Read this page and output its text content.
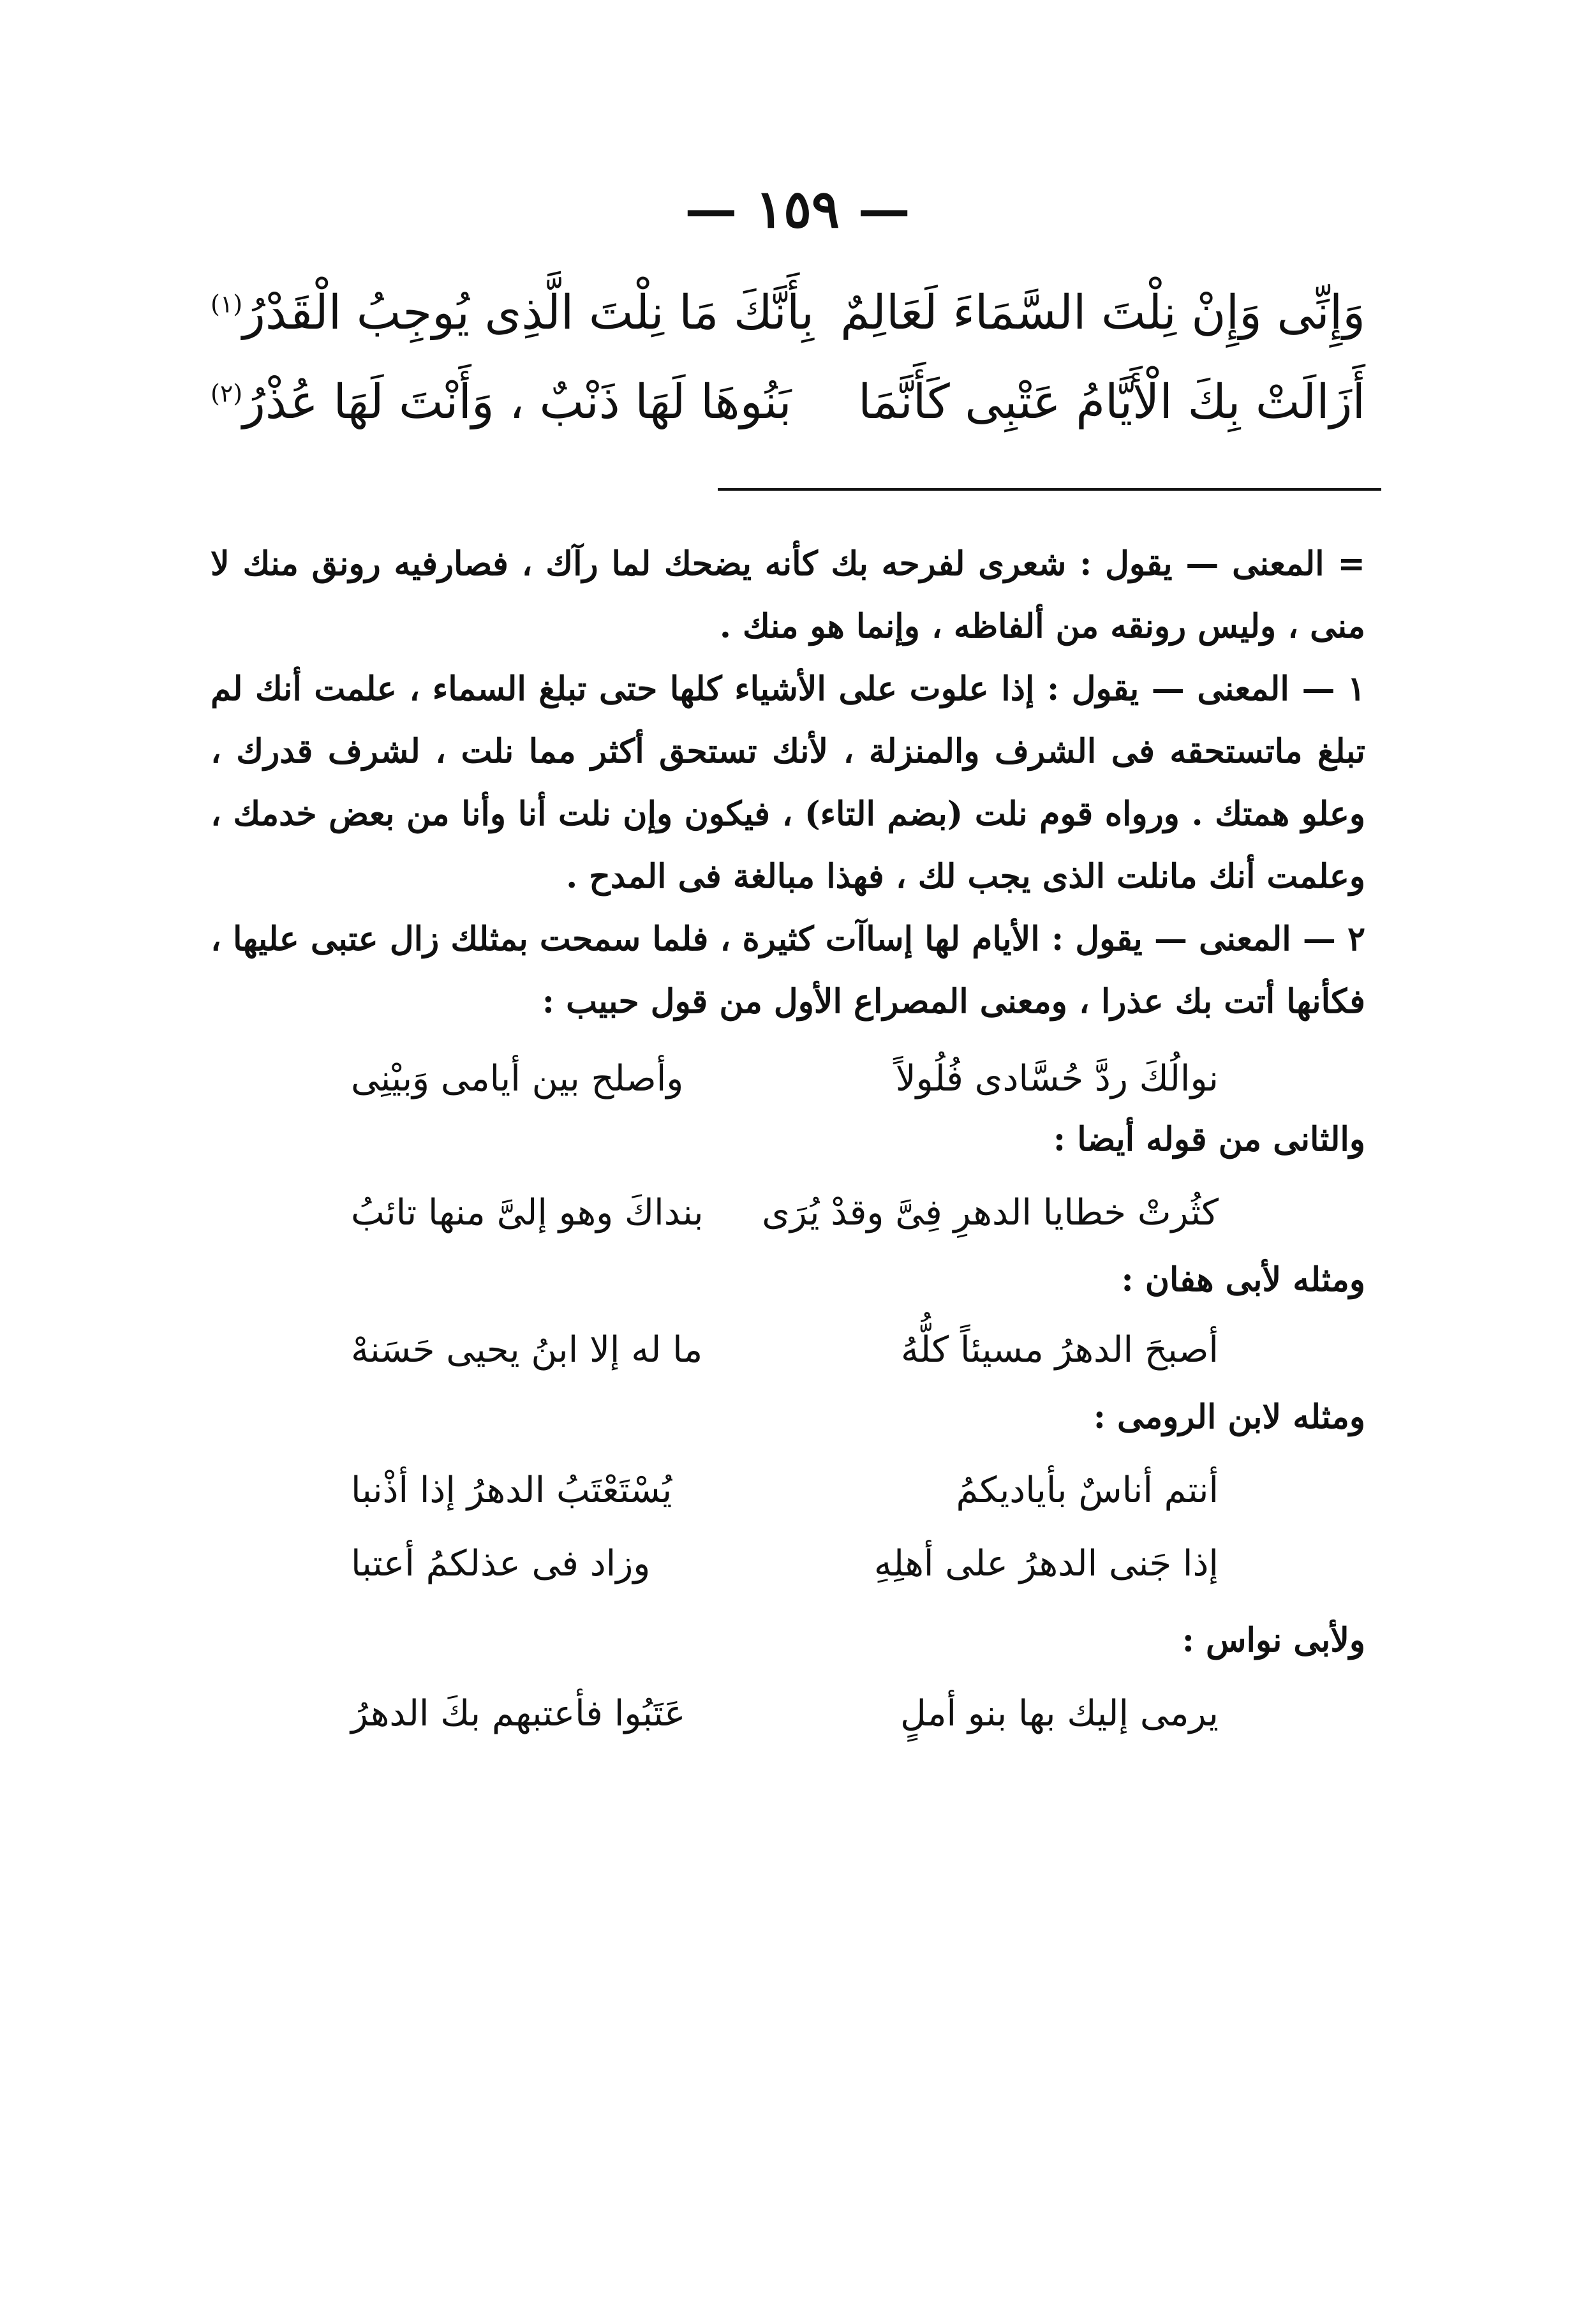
— ١٥٩ —
وَإِنِّى وَإِنْ نِلْتَ السَّمَاءَ لَعَالِمٌ
بِأَنَّكَ مَا نِلْتَ الَّذِى يُوجِبُ الْقَدْرُ$^{(١)}$
أَزَالَتْ بِكَ الْأَيَّامُ عَتْبِى كَأَنَّمَا
بَنُوهَا لَهَا ذَنْبٌ ، وَأَنْتَ لَهَا عُذْرُ$^{(٢)}$

= المعنى — يقول : شعرى لفرحه بك كأنه يضحك لما رآك ، فصارفيه رونق منك لا منى ، وليس رونقه من ألفاظه ، وإنما هو منك .

١ — المعنى — يقول : إذا علوت على الأشياء كلها حتى تبلغ السماء ، علمت أنك لم تبلغ ماتستحقه فى الشرف والمنزلة ، لأنك تستحق أكثر مما نلت ، لشرف قدرك ، وعلو همتك . ورواه قوم نلت (بضم التاء) ، فيكون وإن نلت أنا وأنا من بعض خدمك ، وعلمت أنك مانلت الذى يجب لك ، فهذا مبالغة فى المدح .

٢ — المعنى — يقول : الأيام لها إساآت كثيرة ، فلما سمحت بمثلك زال عتبى عليها ، فكأنها أتت بك عذرا ، ومعنى المصراع الأول من قول حبيب :

نوالُكَ ردَّ حُسَّادى فُلُولاً
وأصلح بين أيامى وَبيْنِى
والثانى من قوله أيضا :
كثُرتْ خطايا الدهرِ فِىَّ وقدْ يُرَى
بنداكَ وهو إلىَّ منها تائبُ
ومثله لأبى هفان :
أصبحَ الدهرُ مسيئاً كلُّهُ
ما له إلا ابنُ يحيى حَسَنهْ
ومثله لابن الرومى :
أنتم أناسٌ بأياديكمُ
يُسْتَعْتَبُ الدهرُ إذا أذْنبا
إذا جَنى الدهرُ على أهلِهِ
وزاد فى عذلكمُ أعتبا
ولأبى نواس :
يرمى إليك بها بنو أملٍ
عَتَبُوا فأعتبهم بكَ الدهرُ
